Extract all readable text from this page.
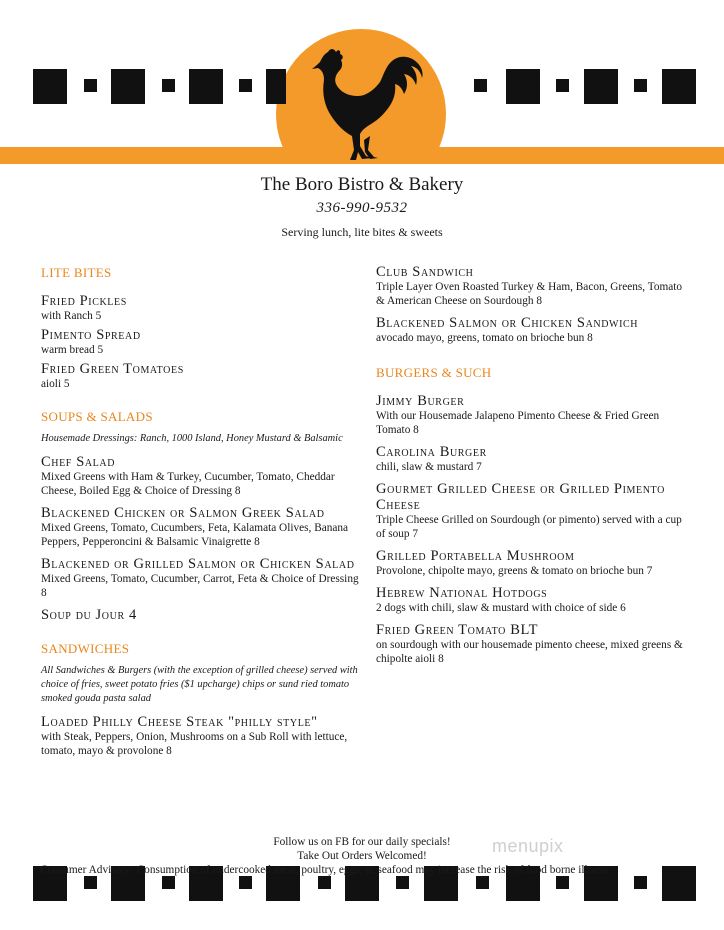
The Boro Bistro & Bakery
336-990-9532
Serving lunch, lite bites & sweets
LITE BITES
Fried Pickles
with Ranch 5
Pimento Spread
warm bread 5
Fried Green Tomatoes
aioli 5
SOUPS & SALADS
Housemade Dressings: Ranch, 1000 Island, Honey Mustard & Balsamic
Chef Salad
Mixed Greens with Ham & Turkey, Cucumber, Tomato, Cheddar Cheese, Boiled Egg & Choice of Dressing 8
Blackened Chicken or Salmon Greek Salad
Mixed Greens, Tomato, Cucumbers, Feta, Kalamata Olives, Banana Peppers, Pepperoncini & Balsamic Vinaigrette 8
Blackened or Grilled Salmon or Chicken Salad
Mixed Greens, Tomato, Cucumber, Carrot, Feta & Choice of Dressing 8
Soup du Jour 4
SANDWICHES
All Sandwiches & Burgers (with the exception of grilled cheese) served with choice of fries, sweet potato fries ($1 upcharge) chips or sund ried tomato smoked gouda pasta salad
Loaded Philly Cheese Steak "philly style"
with Steak, Peppers, Onion, Mushrooms on a Sub Roll with lettuce, tomato, mayo & provolone 8
Club Sandwich
Triple Layer Oven Roasted Turkey & Ham, Bacon, Greens, Tomato & American Cheese on Sourdough 8
Blackened Salmon or Chicken Sandwich
avocado mayo, greens, tomato on brioche bun 8
BURGERS & SUCH
Jimmy Burger
With our Housemade Jalapeno Pimento Cheese & Fried Green Tomato 8
Carolina Burger
chili, slaw & mustard 7
Gourmet Grilled Cheese or Grilled Pimento Cheese
Triple Cheese Grilled on Sourdough (or pimento) served with a cup of soup 7
Grilled Portabella Mushroom
Provolone, chipolte mayo, greens & tomato on brioche bun 7
Hebrew National Hotdogs
2 dogs with chili, slaw & mustard with choice of side 6
Fried Green Tomato BLT
on sourdough with our housemade pimento cheese, mixed greens & chipolte aioli 8
Follow us on FB for our daily specials!
Take Out Orders Welcomed!	menupix
Consumer Advisory: Consumption of undercooked meat, poultry, eggs, or seafood may increase the risk of food borne illness
